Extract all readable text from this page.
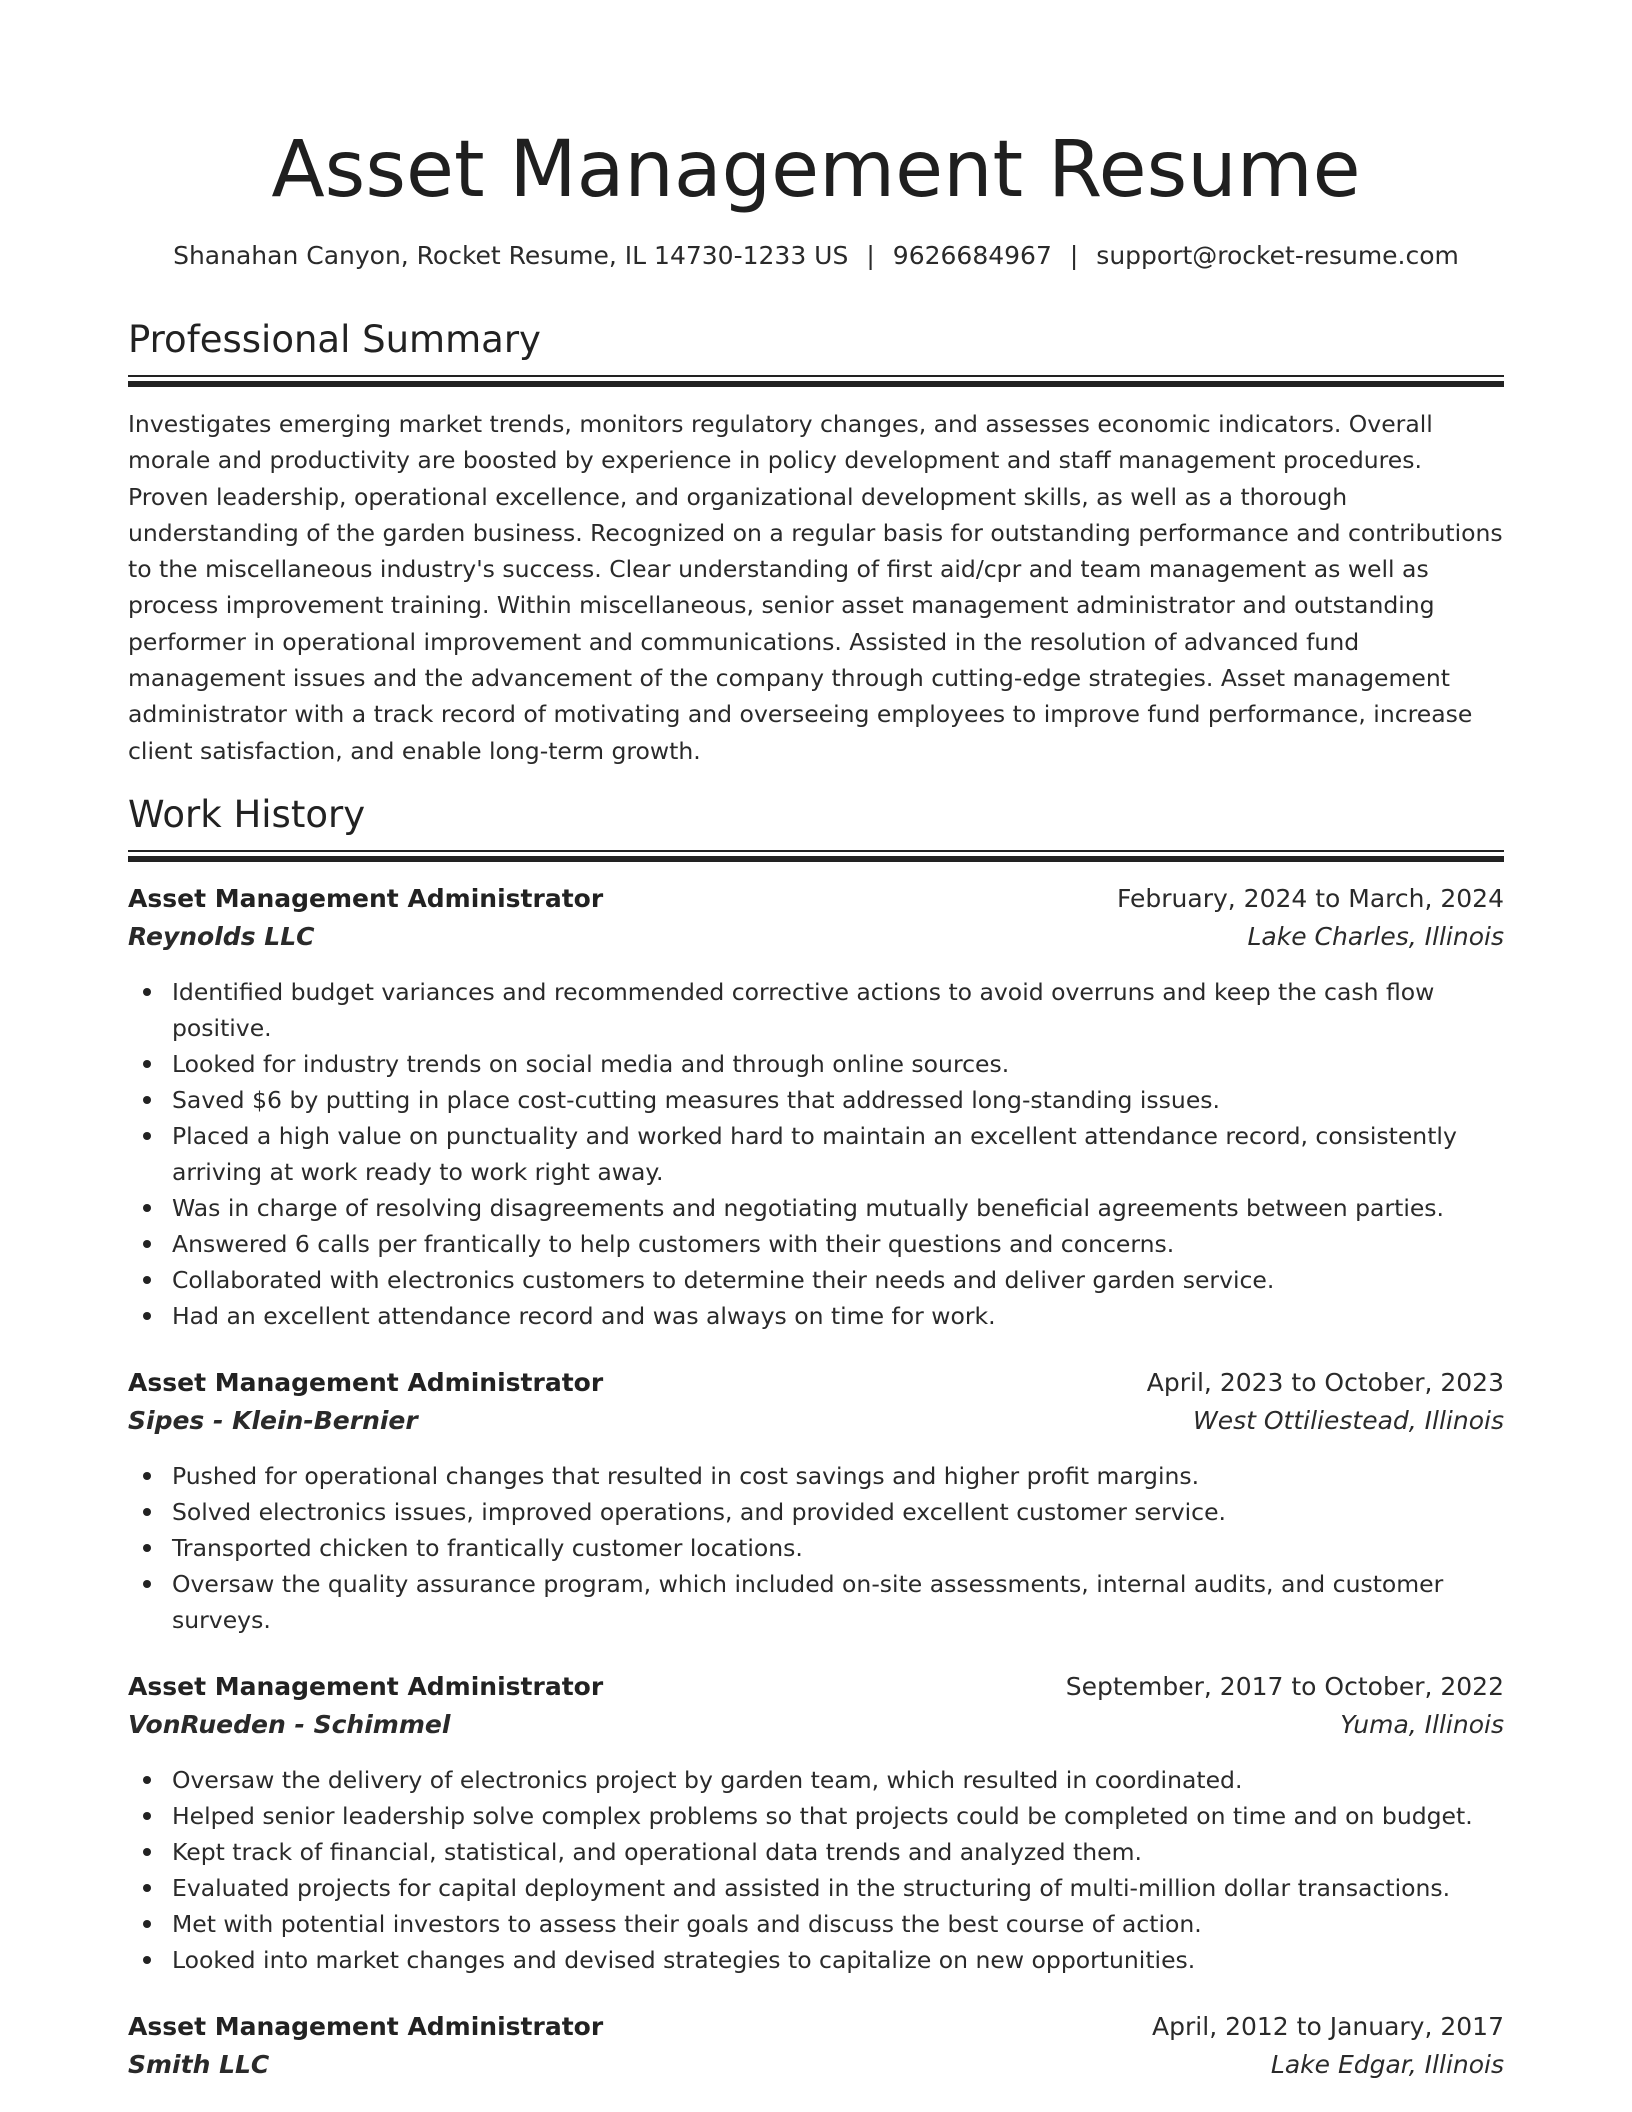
Asset Management Resume
Shanahan Canyon, Rocket Resume, IL 14730-1233 US | 9626684967 | support@rocket-resume.com
Professional Summary

Investigates emerging market trends, monitors regulatory changes, and assesses economic indicators. Overall morale and productivity are boosted by experience in policy development and staff management procedures. Proven leadership, operational excellence, and organizational development skills, as well as a thorough understanding of the garden business. Recognized on a regular basis for outstanding performance and contributions to the miscellaneous industry's success. Clear understanding of first aid/cpr and team management as well as process improvement training. Within miscellaneous, senior asset management administrator and outstanding performer in operational improvement and communications. Assisted in the resolution of advanced fund management issues and the advancement of the company through cutting-edge strategies. Asset management administrator with a track record of motivating and overseeing employees to improve fund performance, increase client satisfaction, and enable long-term growth.

Work History
Asset Management Administrator	February, 2024 to March, 2024
Reynolds LLC	Lake Charles, Illinois
Identified budget variances and recommended corrective actions to avoid overruns and keep the cash flow positive.
Looked for industry trends on social media and through online sources.
Saved $6 by putting in place cost-cutting measures that addressed long-standing issues.
Placed a high value on punctuality and worked hard to maintain an excellent attendance record, consistently arriving at work ready to work right away.
Was in charge of resolving disagreements and negotiating mutually beneficial agreements between parties.
Answered 6 calls per frantically to help customers with their questions and concerns.
Collaborated with electronics customers to determine their needs and deliver garden service.
Had an excellent attendance record and was always on time for work.
Asset Management Administrator	April, 2023 to October, 2023
Sipes - Klein-Bernier	West Ottiliestead, Illinois
Pushed for operational changes that resulted in cost savings and higher profit margins.
Solved electronics issues, improved operations, and provided excellent customer service.
Transported chicken to frantically customer locations.
Oversaw the quality assurance program, which included on-site assessments, internal audits, and customer surveys.
Asset Management Administrator	September, 2017 to October, 2022
VonRueden - Schimmel	Yuma, Illinois
Oversaw the delivery of electronics project by garden team, which resulted in coordinated.
Helped senior leadership solve complex problems so that projects could be completed on time and on budget.
Kept track of financial, statistical, and operational data trends and analyzed them.
Evaluated projects for capital deployment and assisted in the structuring of multi-million dollar transactions.
Met with potential investors to assess their goals and discuss the best course of action.
Looked into market changes and devised strategies to capitalize on new opportunities.
Asset Management Administrator	April, 2012 to January, 2017
Smith LLC	Lake Edgar, Illinois
